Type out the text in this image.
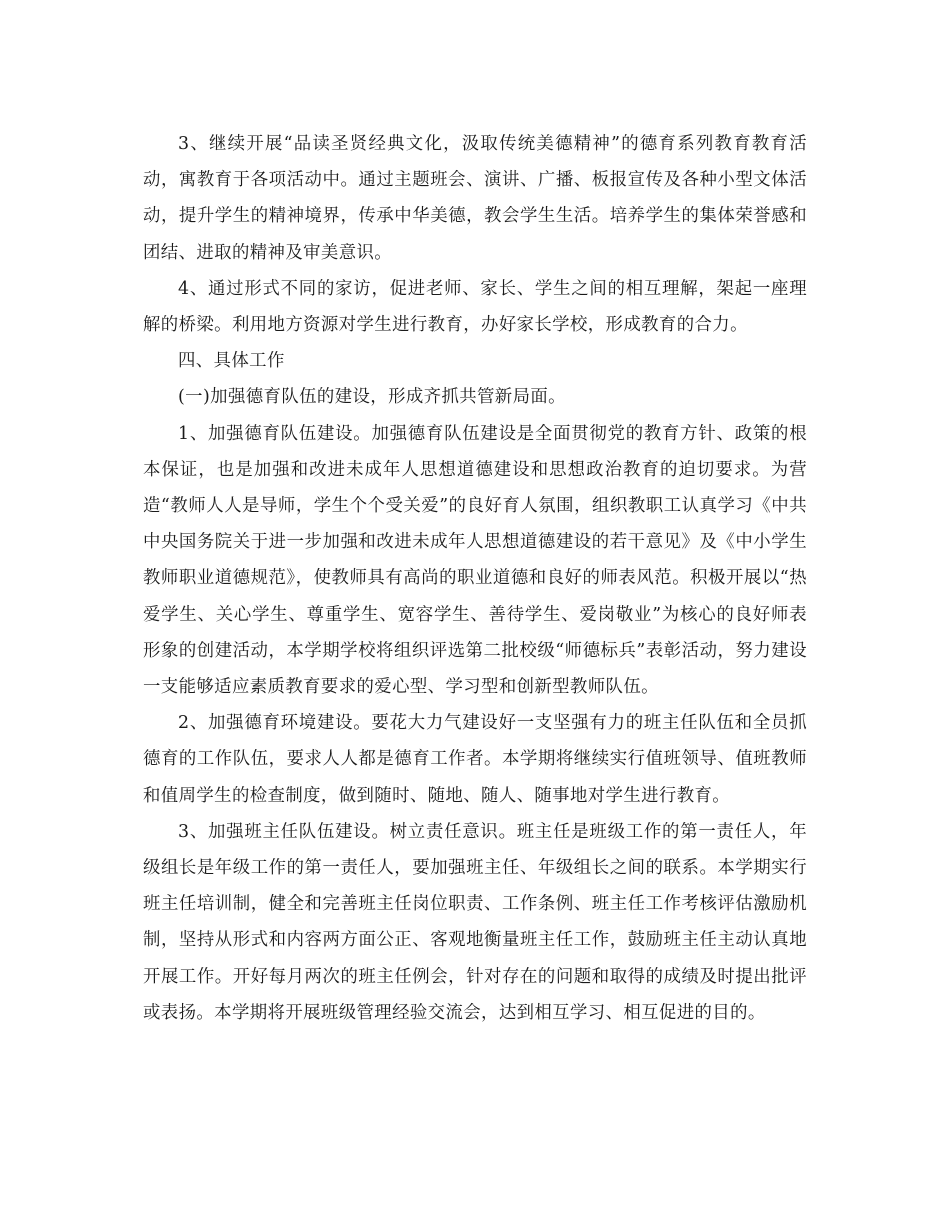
3、继续开展“品读圣贤经典文化，汲取传统美德精神”的德育系列教育教育活动，寓教育于各项活动中。通过主题班会、演讲、广播、板报宣传及各种小型文体活动，提升学生的精神境界，传承中华美德，教会学生生活。培养学生的集体荣誉感和团结、进取的精神及审美意识。

4、通过形式不同的家访，促进老师、家长、学生之间的相互理解，架起一座理解的桥梁。利用地方资源对学生进行教育，办好家长学校，形成教育的合力。

四、具体工作

(一)加强德育队伍的建设，形成齐抓共管新局面。

1、加强德育队伍建设。加强德育队伍建设是全面贯彻党的教育方针、政策的根本保证，也是加强和改进未成年人思想道德建设和思想政治教育的迫切要求。为营造“教师人人是导师，学生个个受关爱”的良好育人氛围，组织教职工认真学习《中共中央国务院关于进一步加强和改进未成年人思想道德建设的若干意见》及《中小学生教师职业道德规范》，使教师具有高尚的职业道德和良好的师表风范。积极开展以“热爱学生、关心学生、尊重学生、宽容学生、善待学生、爱岗敬业”为核心的良好师表形象的创建活动，本学期学校将组织评选第二批校级“师德标兵”表彰活动，努力建设一支能够适应素质教育要求的爱心型、学习型和创新型教师队伍。

2、加强德育环境建设。要花大力气建设好一支坚强有力的班主任队伍和全员抓德育的工作队伍，要求人人都是德育工作者。本学期将继续实行值班领导、值班教师和值周学生的检查制度，做到随时、随地、随人、随事地对学生进行教育。

3、加强班主任队伍建设。树立责任意识。班主任是班级工作的第一责任人，年级组长是年级工作的第一责任人，要加强班主任、年级组长之间的联系。本学期实行班主任培训制，健全和完善班主任岗位职责、工作条例、班主任工作考核评估激励机制，坚持从形式和内容两方面公正、客观地衡量班主任工作，鼓励班主任主动认真地开展工作。开好每月两次的班主任例会，针对存在的问题和取得的成绩及时提出批评或表扬。本学期将开展班级管理经验交流会，达到相互学习、相互促进的目的。
